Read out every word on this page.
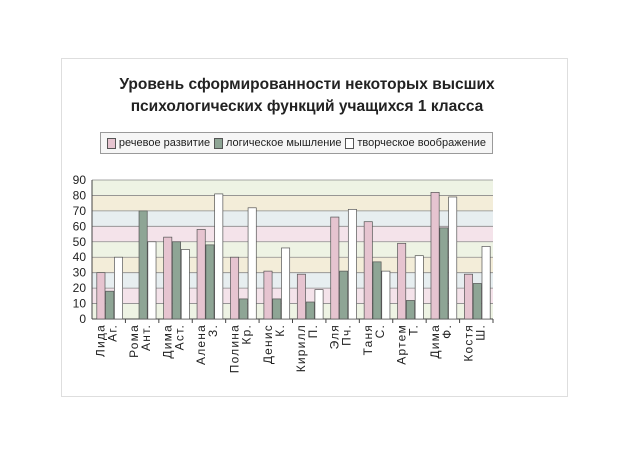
Уровень сформированности некоторых высших
психологических функций учащихся 1 класса
речевое развитие логическое мышление творческое воображение
0
10
20
30
40
50
60
70
80
90
Лида
Аг. Рома
Ант. Дима
Аст. Алена
З. Полина
Кр. Денис
К. Кирилл
П. Эля
Пч. Таня
С. Артем
Т. Дима
Ф. Костя
Ш.
